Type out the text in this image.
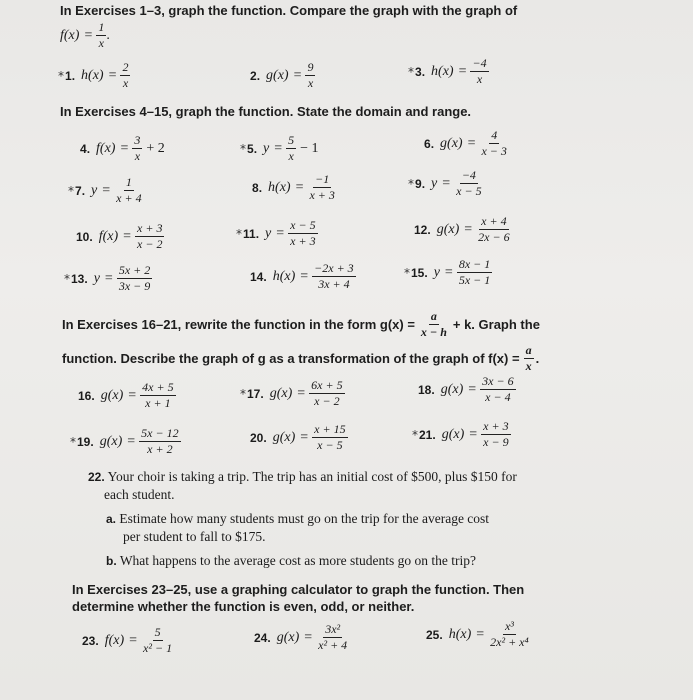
In Exercises 1–3, graph the function. Compare the graph with the graph of
$f(x) = \frac{1}{x}$ .
In Exercises 4–15, graph the function. State the domain and range.
In Exercises 16–21, rewrite the function in the form $g(x) = \frac{a}{x - h} + k$. Graph the
function. Describe the graph of g as a transformation of the graph of $f(x) = \frac{a}{x}$ .
22. Your choir is taking a trip. The trip has an initial cost of $500, plus $150 for
each student.
a. Estimate how many students must go on the trip for the average cost
per student to fall to $175.
b. What happens to the average cost as more students go on the trip?
In Exercises 23–25, use a graphing calculator to graph the function. Then
determine whether the function is even, odd, or neither.
* 1. $h(x) = \frac{2}{x}$	2. $g(x) = \frac{9}{x}$	* 3. $h(x) = \frac{-4}{x}$
4. $f(x) = \frac{3}{x} + 2$	* 5. $y = \frac{5}{x} - 1$	6. $g(x) = \frac{4}{x - 3}$
* 7. $y = \frac{1}{x + 4}$	8. $h(x) = \frac{-1}{x + 3}$	* 9. $y = \frac{-4}{x - 5}$
10. $f(x) = \frac{x + 3}{x - 2}$	* 11. $y = \frac{x - 5}{x + 3}$	12. $g(x) = \frac{x + 4}{2x - 6}$
* 13. $y = \frac{5x + 2}{3x - 9}$	14. $h(x) = \frac{-2x + 3}{3x + 4}$	* 15. $y = \frac{8x - 1}{5x - 1}$
16. $g(x) = \frac{4x + 5}{x + 1}$	* 17. $g(x) = \frac{6x + 5}{x - 2}$	18. $g(x) = \frac{3x - 6}{x - 4}$
* 19. $g(x) = \frac{5x - 12}{x + 2}$	20. $g(x) = \frac{x + 15}{x - 5}$	* 21. $g(x) = \frac{x + 3}{x - 9}$
23. $f(x) = \frac{5}{\text{x² − 1}}$	24. $g(x) = \frac{\text{3x²}}{\text{x² + 4}}$	25. $h(x) = \frac{\text{x³}}{\text{2x² + x⁴}}$
